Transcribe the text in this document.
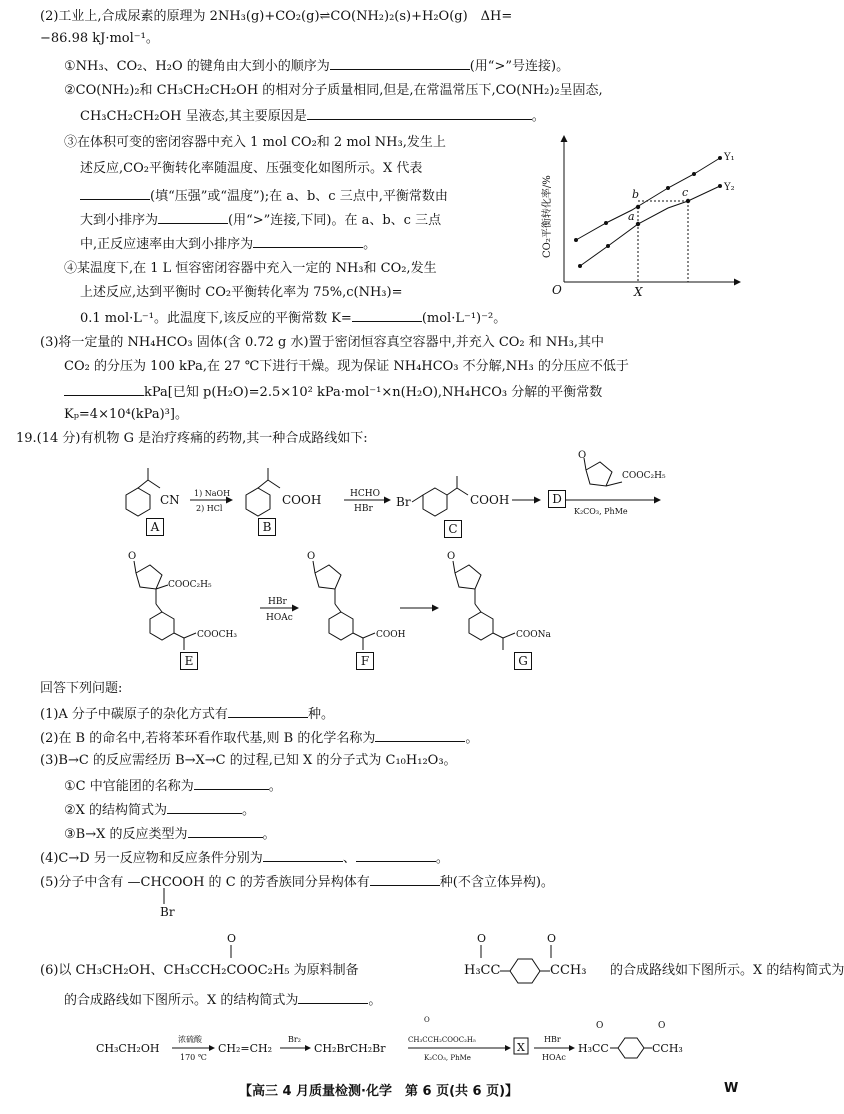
(2)工业上,合成尿素的原理为 2NH₃(g)+CO₂(g)⇌CO(NH₂)₂(s)+H₂O(g)　ΔH=
−86.98 kJ·mol⁻¹。
①NH₃、CO₂、H₂O 的键角由大到小的顺序为	(用“>”号连接)。
②CO(NH₂)₂和 CH₃CH₂CH₂OH 的相对分子质量相同,但是,在常温常压下,CO(NH₂)₂呈固态,
CH₃CH₂CH₂OH 呈液态,其主要原因是	。
③在体积可变的密闭容器中充入 1 mol CO₂和 2 mol NH₃,发生上
述反应,CO₂平衡转化率随温度、压强变化如图所示。X 代表
(填“压强”或“温度”);在 a、b、c 三点中,平衡常数由
大到小排序为	(用“>”连接,下同)。在 a、b、c 三点
中,正反应速率由大到小排序为	。
④某温度下,在 1 L 恒容密闭容器中充入一定的 NH₃和 CO₂,发生
上述反应,达到平衡时 CO₂平衡转化率为 75%,c(NH₃)=
0.1 mol·L⁻¹。此温度下,该反应的平衡常数 K=	(mol·L⁻¹)⁻²。
O	X
CO₂平衡转化率/%
Y₁
Y₂
b
a
c
(3)将一定量的 NH₄HCO₃ 固体(含 0.72 g 水)置于密闭恒容真空容器中,并充入 CO₂ 和 NH₃,其中
CO₂ 的分压为 100 kPa,在 27 ℃下进行干燥。现为保证 NH₄HCO₃ 不分解,NH₃ 的分压应不低于
kPa[已知 p(H₂O)=2.5×10² kPa·mol⁻¹×n(H₂O),NH₄HCO₃ 分解的平衡常数
Kₚ=4×10⁴(kPa)³]。
19.(14 分)有机物 G 是治疗疼痛的药物,其一种合成路线如下:
CN 1) NaOH
2) HCl
COOH	HCHO
HBr Br	COOH
O
COOC₂H₅
K₂CO₃, PhMe
O
COOC₂H₅
COOCH₃
HBr
HOAc
O
COOH
O
COONa
A	B	C
D
E	F	G
回答下列问题:
(1)A 分子中碳原子的杂化方式有	种。
(2)在 B 的命名中,若将苯环看作取代基,则 B 的化学名称为	。
(3)B→C 的反应需经历 B→X→C 的过程,已知 X 的分子式为 C₁₀H₁₂O₃。
①C 中官能团的名称为	。
②X 的结构简式为	。
③B→X 的反应类型为	。
(4)C→D 另一反应物和反应条件分别为	、	。
(5)分子中含有 —CHCOOH 的 C 的芳香族同分异构体有	种(不含立体异构)。
Br
O	O	O
(6)以 CH₃CH₂OH、CH₃CCH₂COOC₂H₅ 为原料制备	H₃CC	CCH₃ 的合成路线如下图所示。X 的结构简式为
的合成路线如下图所示。X 的结构简式为	。
CH₃CH₂OH
浓硫酸
170 ℃
CH₂=CH₂
Br₂
CH₂BrCH₂Br
O
CH₃CCH₂COOC₂H₅
K₂CO₃, PhMe
X
HBr
HOAc
H₃CC
O
CCH₃
O
【高三 4 月质量检测·化学　第 6 页(共 6 页)】	W
